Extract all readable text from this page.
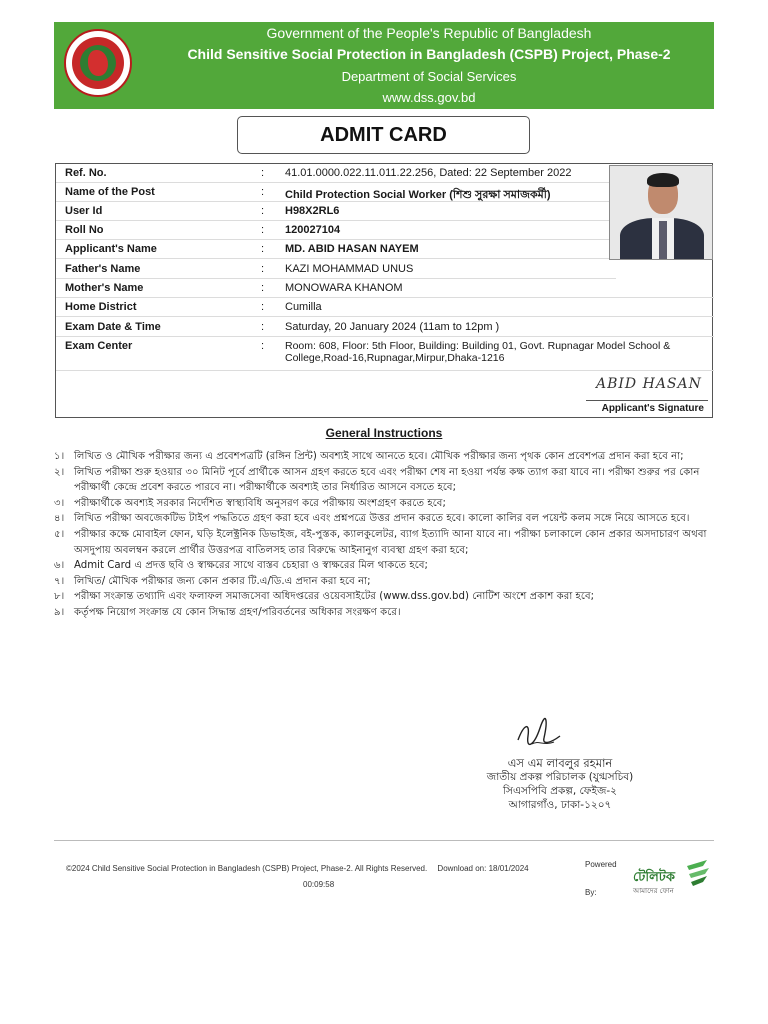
Government of the People's Republic of Bangladesh
Child Sensitive Social Protection in Bangladesh (CSPB) Project, Phase-2
Department of Social Services
www.dss.gov.bd
ADMIT CARD
Ref. No.	: 41.01.0000.022.11.011.22.256, Dated: 22 September 2022
Name of the Post	: Child Protection Social Worker (শিশু সুরক্ষা সমাজকর্মী)
User Id	: H98X2RL6
Roll No	: 120027104
Applicant's Name	: MD. ABID HASAN NAYEM
Father's Name	: KAZI MOHAMMAD UNUS
Mother's Name	: MONOWARA KHANOM
Home District	: Cumilla
Exam Date & Time	: Saturday, 20 January 2024 (11am to 12pm )
Exam Center	: Room: 608, Floor: 5th Floor, Building: Building 01, Govt. Rupnagar Model School &
College,Road-16,Rupnagar,Mirpur,Dhaka-1216
ABID HASAN
Applicant's Signature
General Instructions
১। লিখিত ও মৌখিক পরীক্ষার জন্য এ প্রবেশপত্রটি (রঙ্গিন প্রিন্ট) অবশ্যই সাথে আনতে হবে। মৌখিক পরীক্ষার জন্য পৃথক কোন প্রবেশপত্র প্রদান করা হবে না;
২। লিখিত পরীক্ষা শুরু হওয়ার ৩০ মিনিট পূর্বে প্রার্থীকে আসন গ্রহণ করতে হবে এবং পরীক্ষা শেষ না হওয়া পর্যন্ত কক্ষ ত্যাগ করা যাবে না। পরীক্ষা শুরুর পর কোন পরীক্ষার্থী কেন্দ্রে প্রবেশ করতে পারবে না। পরীক্ষার্থীকে অবশ্যই তার নির্ধারিত আসনে বসতে হবে;
৩। পরীক্ষার্থীকে অবশ্যই সরকার নির্দেশিত স্বাস্থ্যবিধি অনুসরণ করে পরীক্ষায় অংশগ্রহণ করতে হবে;
৪। লিখিত পরীক্ষা অবজেকটিভ টাইপ পদ্ধতিতে গ্রহণ করা হবে এবং প্রশ্নপত্রে উত্তর প্রদান করতে হবে। কালো কালির বল পয়েন্ট কলম সঙ্গে নিয়ে আসতে হবে।
৫। পরীক্ষার কক্ষে মোবাইল ফোন, ঘড়ি ইলেক্ট্রনিক ডিভাইজ, বই-পুস্তক, ক্যালকুলেটর, ব্যাগ ইত্যাদি আনা যাবে না। পরীক্ষা চলাকালে কোন প্রকার অসদাচারণ অথবা অসদুপায় অবলম্বন করলে প্রার্থীর উত্তরপত্র বাতিলসহ তার বিরুদ্ধে আইনানুগ ব্যবস্থা গ্রহণ করা হবে;
৬। Admit Card এ প্রদত্ত ছবি ও স্বাক্ষরের সাথে বাস্তব চেহারা ও স্বাক্ষরের মিল থাকতে হবে;
৭। লিখিত/ মৌখিক পরীক্ষার জন্য কোন প্রকার টি.এ/ডি.এ প্রদান করা হবে না;
৮। পরীক্ষা সংক্রান্ত তথ্যাদি এবং ফলাফল সমাজসেবা অধিদপ্তরের ওয়েবসাইটের (www.dss.gov.bd) নোটিশ অংশে প্রকাশ করা হবে;
৯। কর্তৃপক্ষ নিয়োগ সংক্রান্ত যে কোন সিদ্ধান্ত গ্রহণ/পরিবর্তনের অধিকার সংরক্ষণ করে।
এস এম লাবলুর রহমান
জাতীয় প্রকল্প পরিচালক (যুগ্মসচিব)
সিএসপিবি প্রকল্প, ফেইজ-২
আগারগাঁও, ঢাকা-১২০৭
©2024 Child Sensitive Social Protection in Bangladesh (CSPB) Project, Phase-2. All Rights Reserved. Download on: 18/01/2024
00:09:58
Powered
By:
টেলিটক
আমাদের ফোন
